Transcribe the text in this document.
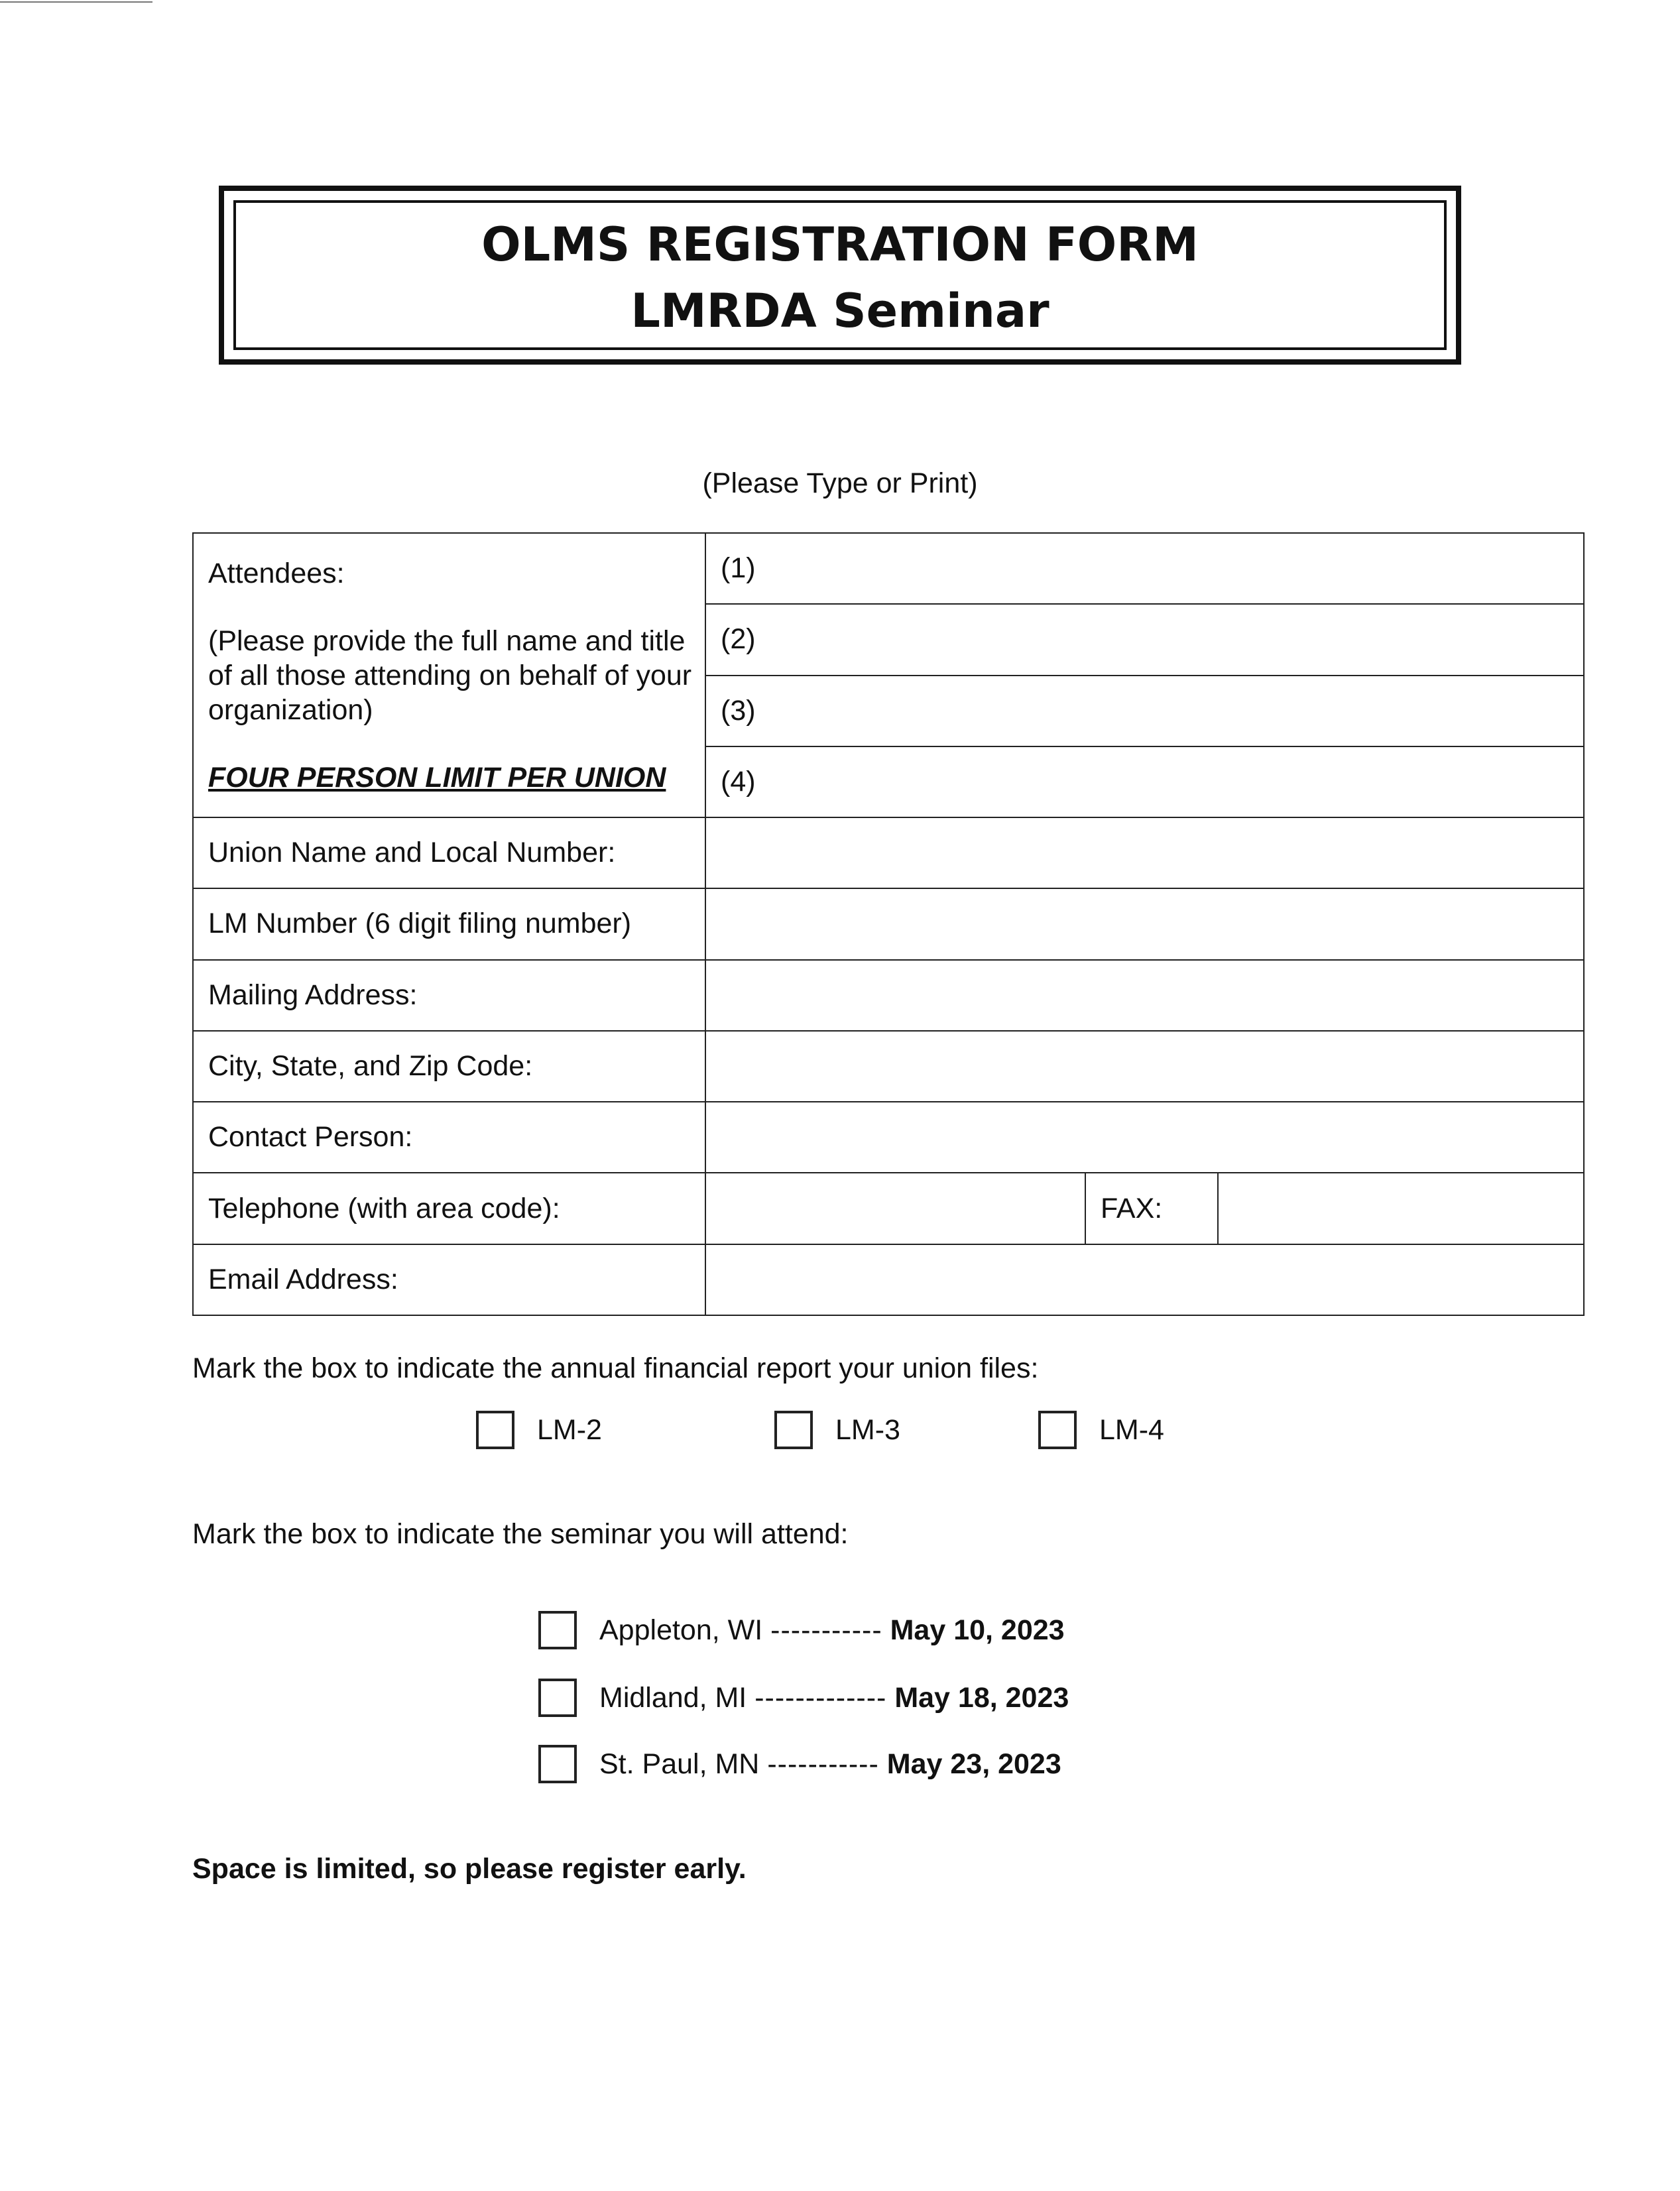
OLMS REGISTRATION FORM
LMRDA Seminar
(Please Type or Print)

Attendees:

(Please provide the full name and title of all those attending on behalf of your organization)

FOUR PERSON LIMIT PER UNION	(1)		
	(2)		
	(3)		
	(4)		
Union Name and Local Number:			
LM Number (6 digit filing number)			
Mailing Address:			
City, State, and Zip Code:			
Contact Person:			
Telephone (with area code):		FAX:	
Email Address:			
Mark the box to indicate the annual financial report your union files:
LM-2	LM-3	LM-4
Mark the box to indicate the seminar you will attend:
Appleton, WI ----------- May 10, 2023
Midland, MI ------------- May 18, 2023
St. Paul, MN ----------- May 23, 2023
Space is limited, so please register early.
